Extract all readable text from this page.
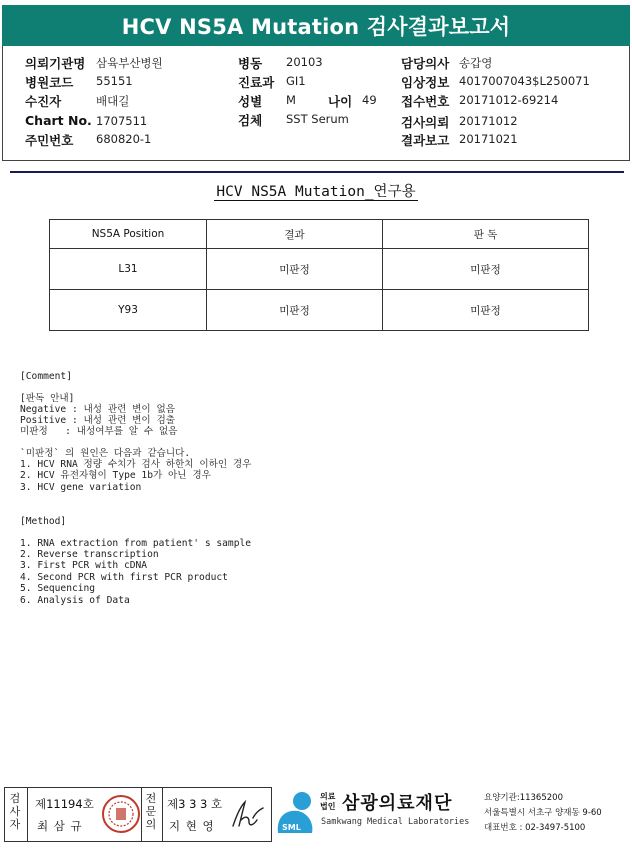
HCV NS5A Mutation 검사결과보고서
의뢰기관명 삼육부산병원
병원코드 55151
수진자	배대길
Chart No. 1707511
주민번호 680820-1
병동 20103
진료과 GI1
성별 M	나이 49
검체 SST Serum
담당의사 송갑영
임상정보 4017007043$L250071
접수번호 20171012-69214
검사의뢰 20171012
결과보고 20171021
HCV NS5A Mutation_연구용
NS5A Position	결과	판 독
L31	미판정	미판정
Y93	미판정	미판정
[Comment]
[판독 안내]
Negative : 내성 관련 변이 없음
Positive : 내성 관련 변이 검출
미판정   : 내성여부를 알 수 없음
`미판정` 의 원인은 다음과 같습니다.
1. HCV RNA 정량 수치가 검사 하한치 이하인 경우
2. HCV 유전자형이 Type 1b가 아닌 경우
3. HCV gene variation
[Method]
1. RNA extraction from patient' s sample
2. Reverse transcription
3. First PCR with cDNA
4. Second PCR with first PCR product
5. Sequencing
6. Analysis of Data
검사자
제11194호
최 삼 규
전문의
제3 3 3 호
지 현 영	SML
의료
법인 삼광의료재단
Samkwang Medical Laboratories
요양기관:11365200
서울특별시 서초구 양재동 9-60
대표번호 : 02-3497-5100
